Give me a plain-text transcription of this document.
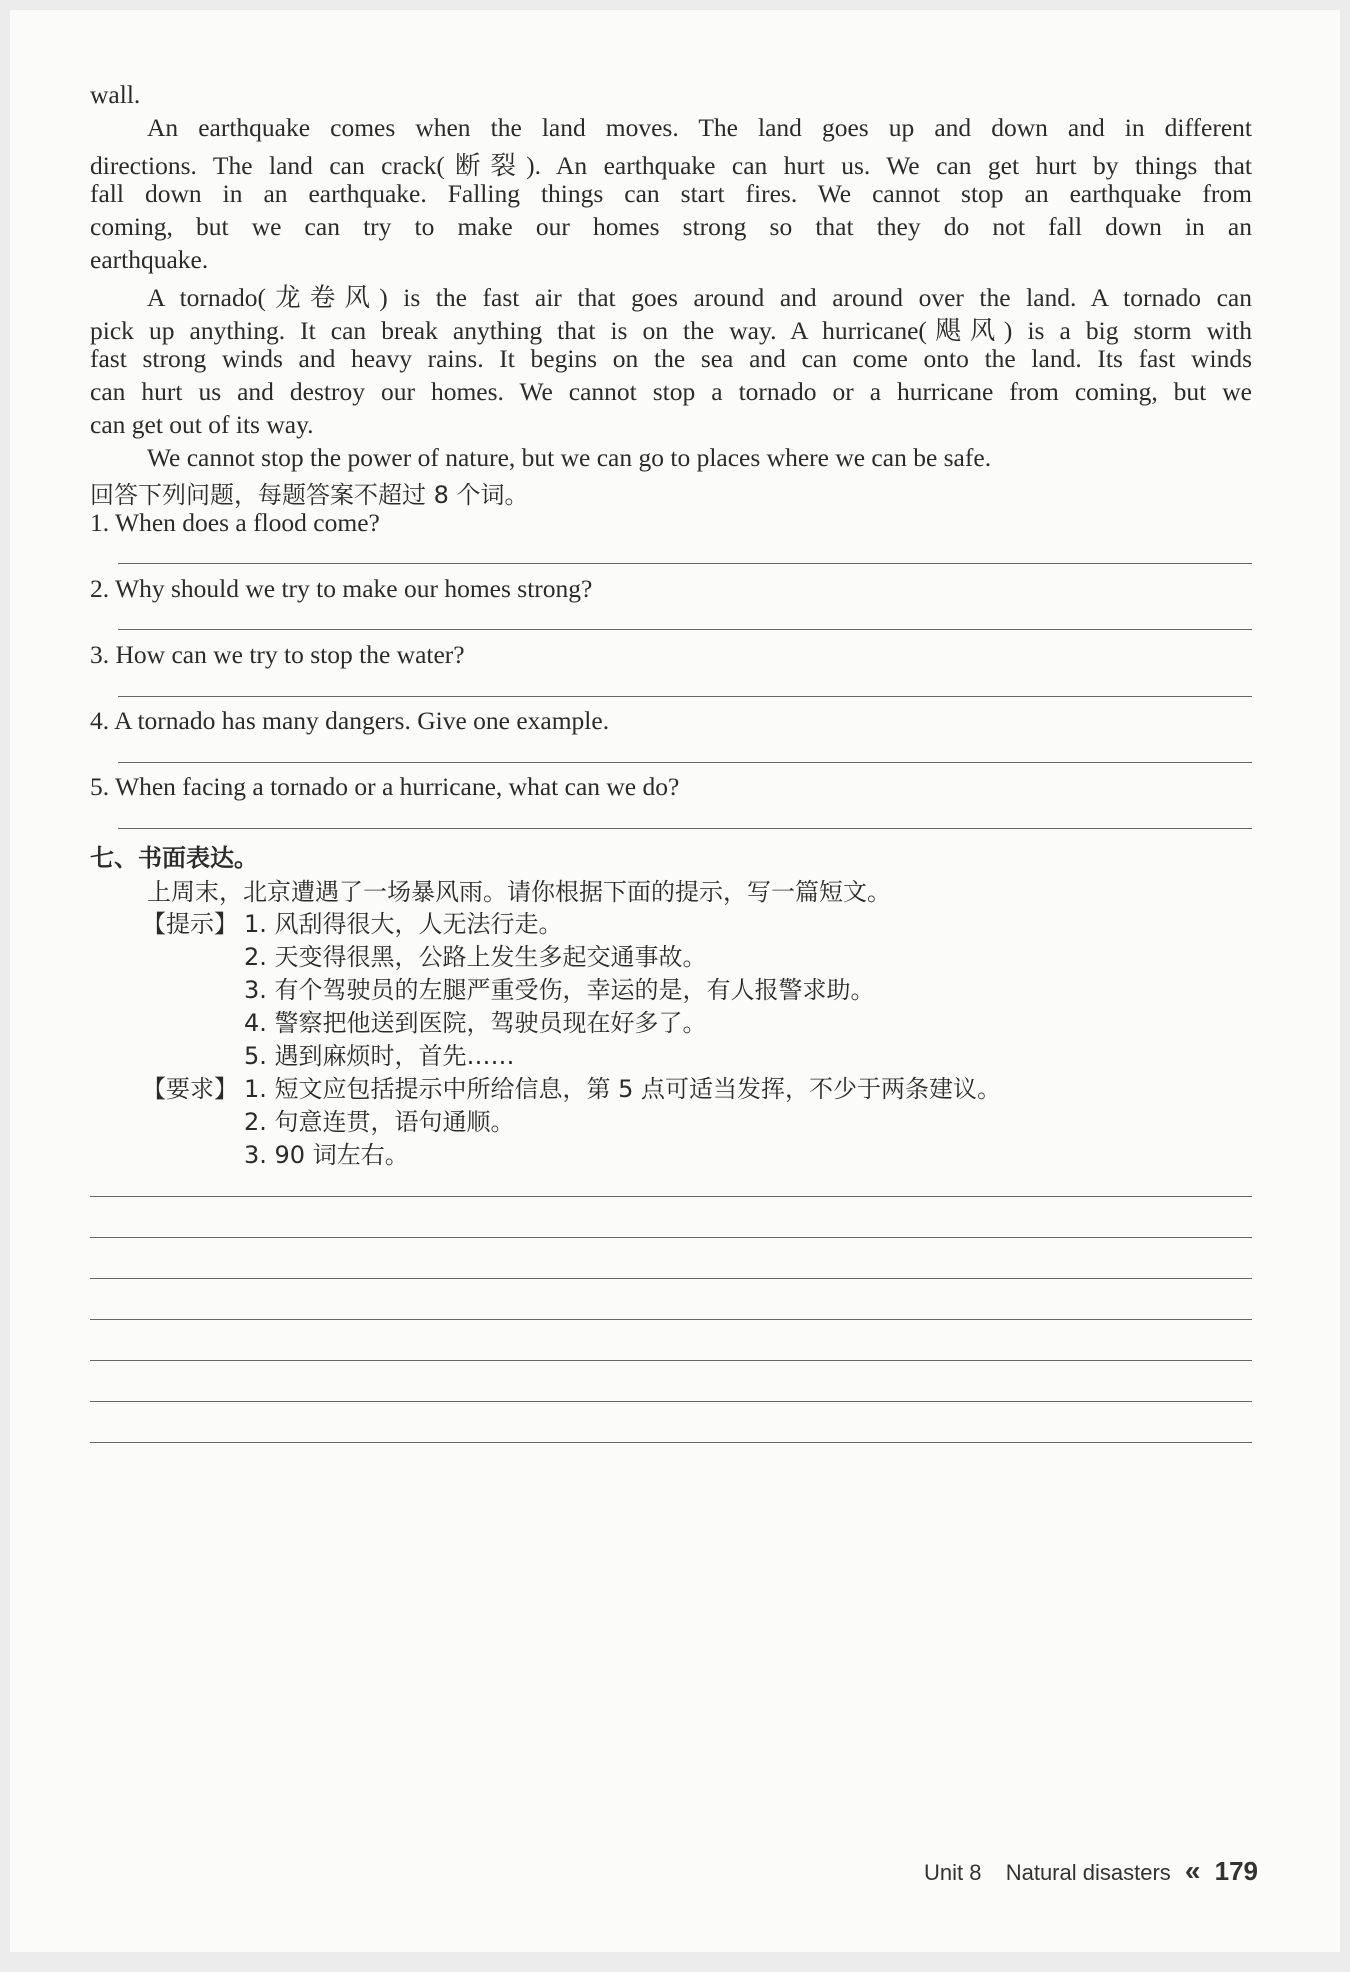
wall.
An earthquake comes when the land moves. The land goes up and down and in different
directions. The land can crack(断裂). An earthquake can hurt us. We can get hurt by things that
fall down in an earthquake. Falling things can start fires. We cannot stop an earthquake from
coming, but we can try to make our homes strong so that they do not fall down in an
earthquake.
A tornado(龙卷风) is the fast air that goes around and around over the land. A tornado can
pick up anything. It can break anything that is on the way. A hurricane(飓风) is a big storm with
fast strong winds and heavy rains. It begins on the sea and can come onto the land. Its fast winds
can hurt us and destroy our homes. We cannot stop a tornado or a hurricane from coming, but we
can get out of its way.
We cannot stop the power of nature, but we can go to places where we can be safe.
回答下列问题，每题答案不超过 8 个词。
1. When does a flood come?
2. Why should we try to make our homes strong?
3. How can we try to stop the water?
4. A tornado has many dangers. Give one example.
5. When facing a tornado or a hurricane, what can we do?
七、书面表达。
上周末，北京遭遇了一场暴风雨。请你根据下面的提示，写一篇短文。
【提示】 1. 风刮得很大，人无法行走。
2. 天变得很黑，公路上发生多起交通事故。
3. 有个驾驶员的左腿严重受伤，幸运的是，有人报警求助。
4. 警察把他送到医院，驾驶员现在好多了。
5. 遇到麻烦时，首先……
【要求】 1. 短文应包括提示中所给信息，第 5 点可适当发挥，不少于两条建议。
2. 句意连贯，语句通顺。
3. 90 词左右。
Unit 8 Natural disasters « 179
